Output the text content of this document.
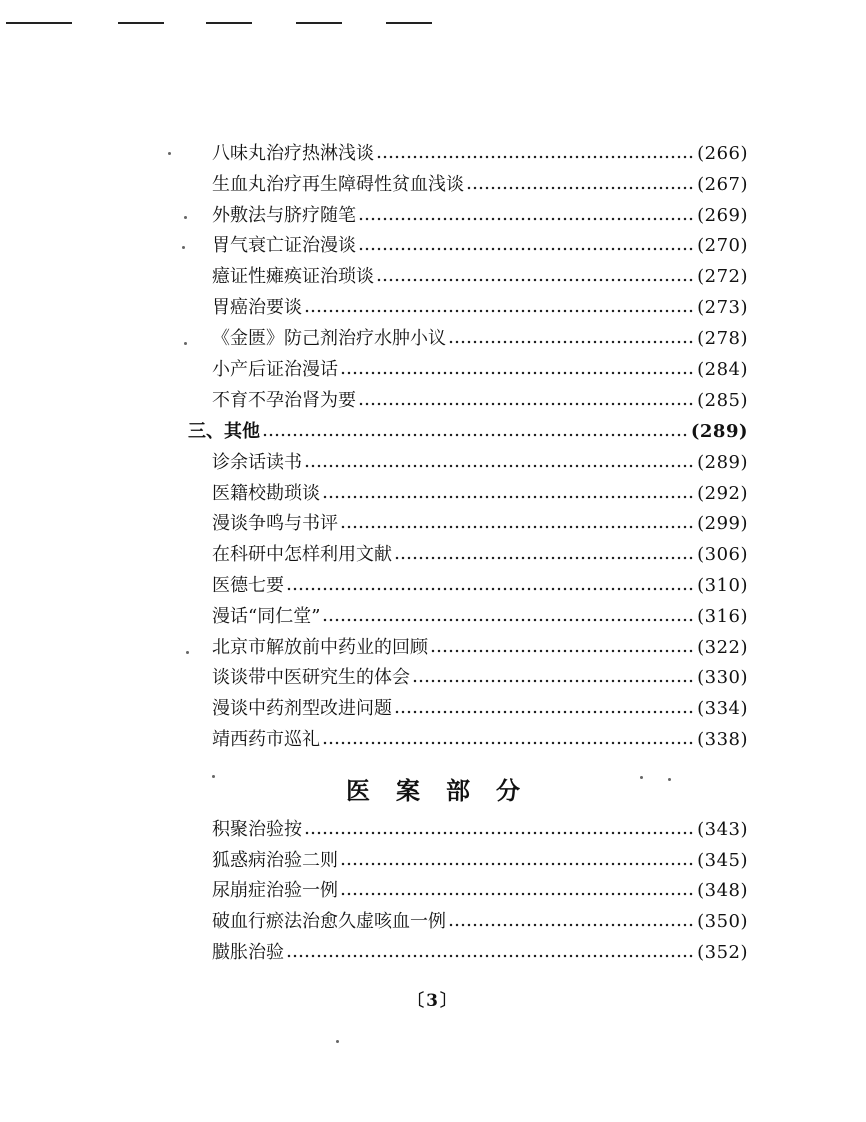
八味丸治疗热淋浅谈	(266)
生血丸治疗再生障碍性贫血浅谈	(267)
外敷法与脐疗随笔	(269)
胃气衰亡证治漫谈	(270)
癔证性瘫痪证治琐谈	(272)
胃癌治要谈	(273)
《金匮》防己剂治疗水肿小议	(278)
小产后证治漫话	(284)
不育不孕治肾为要	(285)
三、其他	(289)
诊余话读书	(289)
医籍校勘琐谈	(292)
漫谈争鸣与书评	(299)
在科研中怎样利用文献	(306)
医德七要	(310)
漫话“同仁堂”	(316)
北京市解放前中药业的回顾	(322)
谈谈带中医研究生的体会	(330)
漫谈中药剂型改进问题	(334)
靖西药市巡礼	(338)
医案部分
积聚治验按	(343)
狐惑病治验二则	(345)
尿崩症治验一例	(348)
破血行瘀法治愈久虚咳血一例	(350)
臌胀治验	(352)
〔3〕
